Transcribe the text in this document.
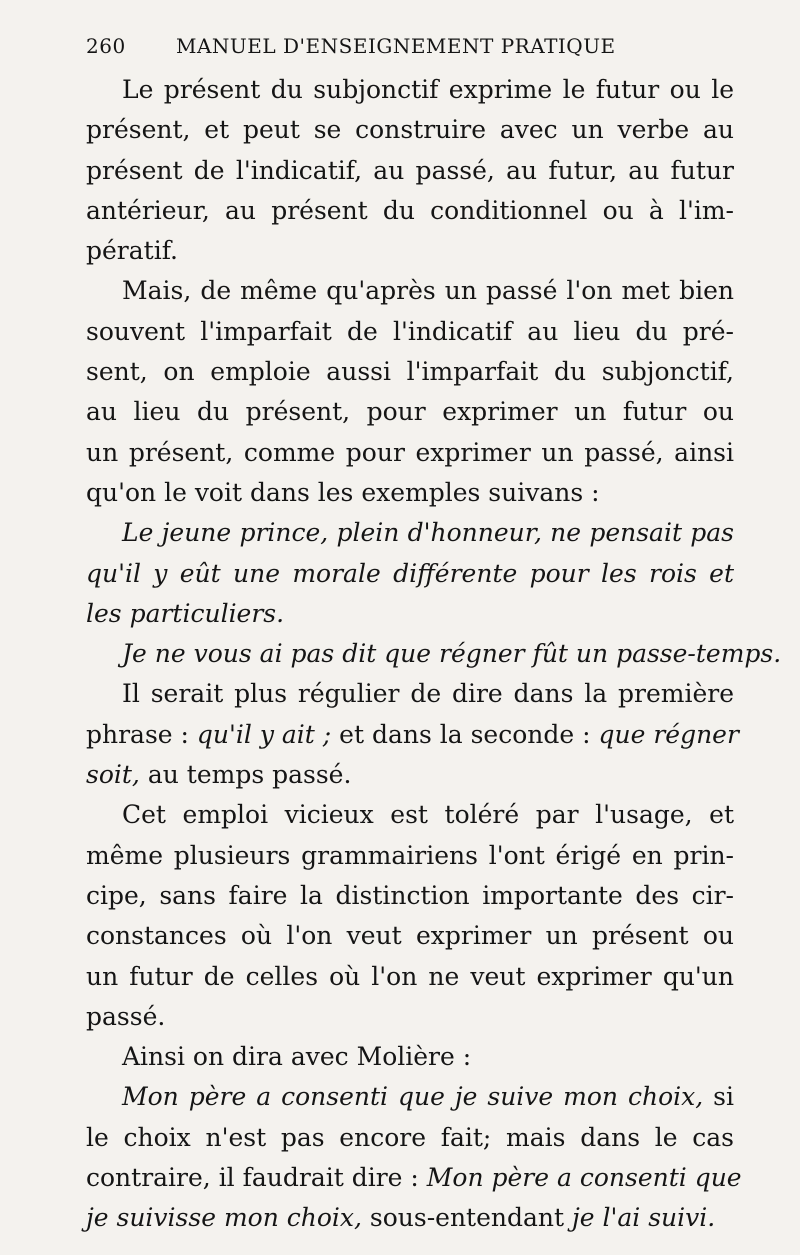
260	MANUEL D'ENSEIGNEMENT PRATIQUE

Le présent du subjonctif exprime le futur ou le
présent, et peut se construire avec un verbe au
présent de l'indicatif, au passé, au futur, au futur
antérieur, au présent du conditionnel ou à l'im-
pératif.

Mais, de même qu'après un passé l'on met bien
souvent l'imparfait de l'indicatif au lieu du pré-
sent, on emploie aussi l'imparfait du subjonctif,
au lieu du présent, pour exprimer un futur ou
un présent, comme pour exprimer un passé, ainsi
qu'on le voit dans les exemples suivans :

Le jeune prince, plein d'honneur, ne pensait pas
qu'il y eût une morale différente pour les rois et
les particuliers.

Je ne vous ai pas dit que régner fût un passe-temps.

Il serait plus régulier de dire dans la première
phrase : qu'il y ait ; et dans la seconde : que régner
soit, au temps passé.

Cet emploi vicieux est toléré par l'usage, et
même plusieurs grammairiens l'ont érigé en prin-
cipe, sans faire la distinction importante des cir-
constances où l'on veut exprimer un présent ou
un futur de celles où l'on ne veut exprimer qu'un
passé.

Ainsi on dira avec Molière :

Mon père a consenti que je suive mon choix, si
le choix n'est pas encore fait; mais dans le cas
contraire, il faudrait dire : Mon père a consenti que
je suivisse mon choix, sous-entendant je l'ai suivi.
